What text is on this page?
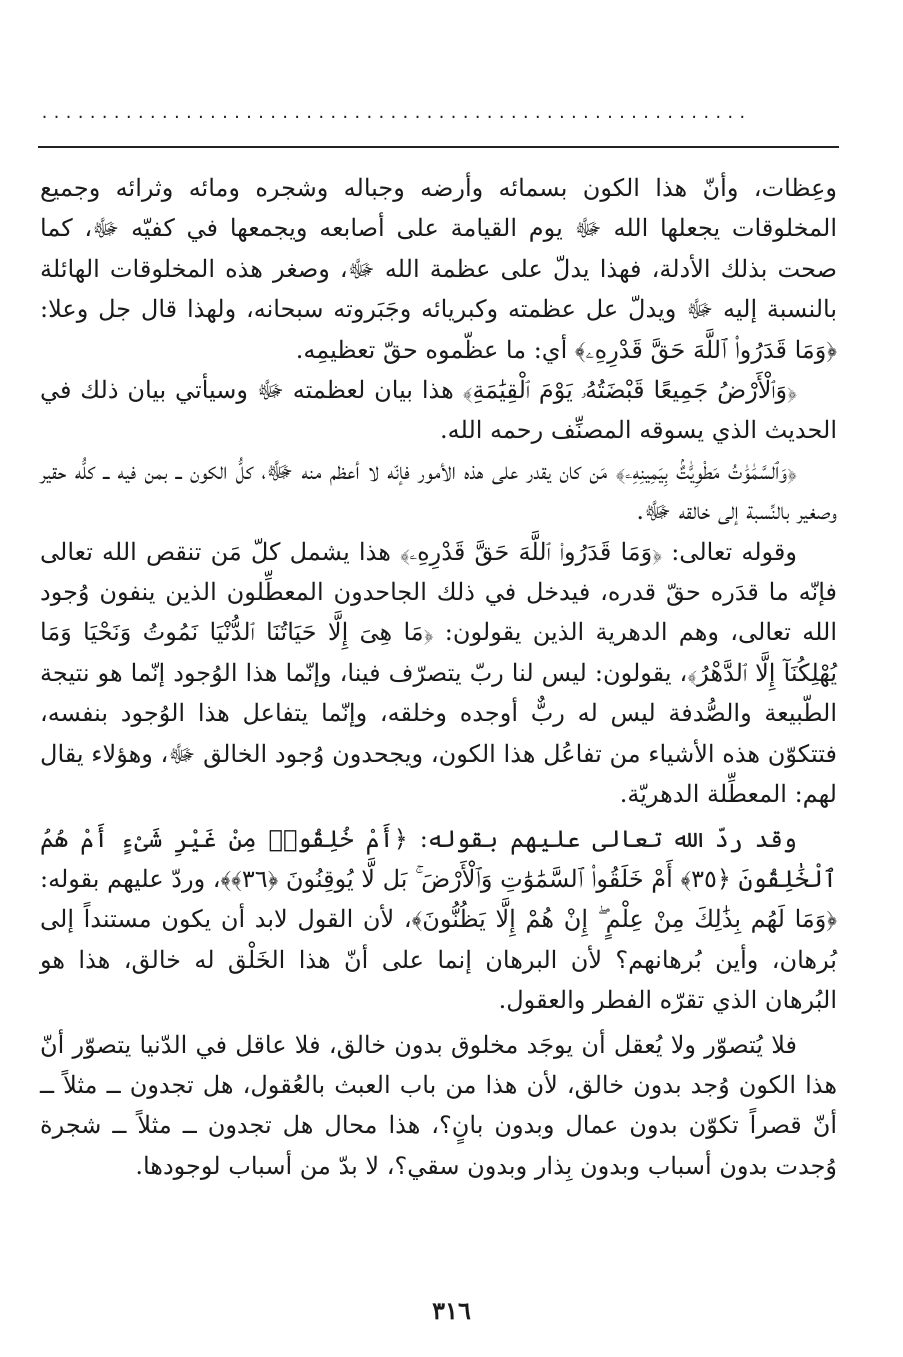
...........................................................

وعِظات، وأنّ هذا الكون بسمائه وأرضه وجباله وشجره ومائه وثرائه وجميع المخلوقات يجعلها الله ﷻ يوم القيامة على أصابعه ويجمعها في كفيّه ﷻ، كما صحت بذلك الأدلة، فهذا يدلّ على عظمة الله ﷻ، وصغر هذه المخلوقات الهائلة بالنسبة إليه ﷻ ويدلّ عل عظمته وكبريائه وجَبَروته سبحانه، ولهذا قال جل وعلا: ﴿وَمَا قَدَرُوا۟ ٱللَّهَ حَقَّ قَدْرِهِۦ﴾ أي: ما عظّموه حقّ تعظيمِه.

﴿وَٱلْأَرْضُ جَمِيعًا قَبْضَتُهُۥ يَوْمَ ٱلْقِيَٰمَةِ﴾ هذا بيان لعظمته ﷻ وسيأتي بيان ذلك في الحديث الذي يسوقه المصنِّف رحمه الله.

﴿وَٱلسَّمَٰوَٰتُ مَطْوِيَّٰتٌۢ بِيَمِينِهِۦ﴾ مَن كان يقدر على هذه الأمور فإنّه لا أعظم منه ﷻ، كلُّ الكون ــ بمن فيه ــ كلُّه حقير وصغير بالنِّسبة إلى خالقه ﷻ.

وقوله تعالى: ﴿وَمَا قَدَرُوا۟ ٱللَّهَ حَقَّ قَدْرِهِۦ﴾ هذا يشمل كلّ مَن تنقص الله تعالى فإنّه ما قدَره حقّ قدره، فيدخل في ذلك الجاحدون المعطِّلون الذين ينفون وُجود الله تعالى، وهم الدهرية الذين يقولون: ﴿مَا هِىَ إِلَّا حَيَاتُنَا ٱلدُّنْيَا نَمُوتُ وَنَحْيَا وَمَا يُهْلِكُنَآ إِلَّا ٱلدَّهْرُ﴾، يقولون: ليس لنا ربّ يتصرّف فينا، وإنّما هذا الوُجود إنّما هو نتيجة الطّبيعة والصُّدفة ليس له ربٌّ أوجده وخلقه، وإنّما يتفاعل هذا الوُجود بنفسه، فتتكوّن هذه الأشياء من تفاعُل هذا الكون، ويجحدون وُجود الخالق ﷻ، وهؤلاء يقال لهم: المعطِّلة الدهريّة.

وقد ردّ الله تعالى عليهم بقوله: ﴿أَمْ خُلِقُوا۟ مِنْ غَيْرِ شَىْءٍ أَمْ هُمُ ٱلْخَٰلِقُونَ ﴿٣٥﴾ أَمْ خَلَقُوا۟ ٱلسَّمَٰوَٰتِ وَٱلْأَرْضَ ۚ بَل لَّا يُوقِنُونَ ﴿٣٦﴾﴾، وردّ عليهم بقوله: ﴿وَمَا لَهُم بِذَٰلِكَ مِنْ عِلْمٍ ۖ إِنْ هُمْ إِلَّا يَظُنُّونَ﴾، لأن القول لابد أن يكون مستنداً إلى بُرهان، وأين بُرهانهم؟ لأن البرهان إنما على أنّ هذا الخَلْق له خالق، هذا هو البُرهان الذي تقرّه الفطر والعقول.

فلا يُتصوّر ولا يُعقل أن يوجَد مخلوق بدون خالق، فلا عاقل في الدّنيا يتصوّر أنّ هذا الكون وُجد بدون خالق، لأن هذا من باب العبث بالعُقول، هل تجدون ــ مثلاً ــ أنّ قصراً تكوّن بدون عمال وبدون بانٍ؟، هذا محال هل تجدون ــ مثلاً ــ شجرة وُجدت بدون أسباب وبدون بِذار وبدون سقي؟، لا بدّ من أسباب لوجودها.

٣١٦
